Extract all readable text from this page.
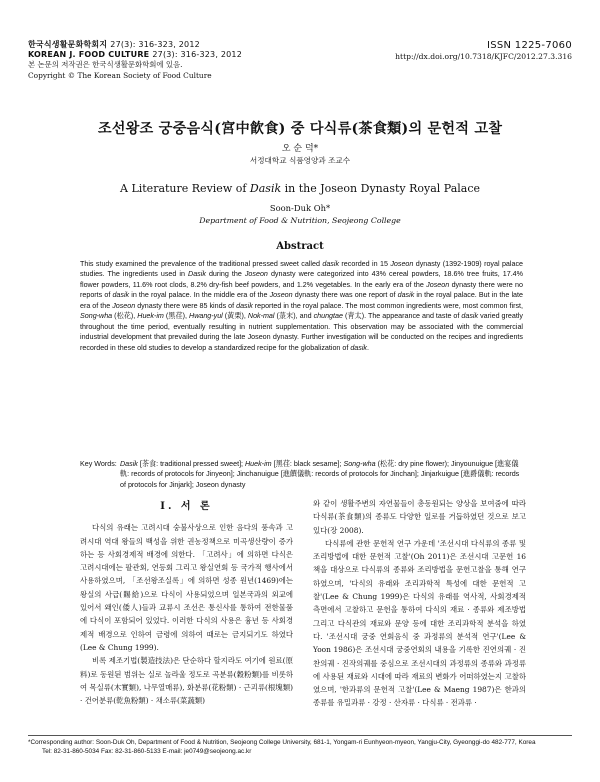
한국식생활문화학회지 27(3): 316-323, 2012
KOREAN J. FOOD CULTURE 27(3): 316-323, 2012
본 논문의 저작권은 한국식생활문화학회에 있음.
Copyright © The Korean Society of Food Culture
ISSN 1225-7060
http://dx.doi.org/10.7318/KJFC/2012.27.3.316
조선왕조 궁중음식(宮中飮食) 중 다식류(茶食類)의 문헌적 고찰
오 순 덕*
서정대학교 식품영양과 조교수
A Literature Review of Dasik in the Joseon Dynasty Royal Palace
Soon-Duk Oh*
Department of Food & Nutrition, Seojeong College
Abstract
This study examined the prevalence of the traditional pressed sweet called dasik recorded in 15 Joseon dynasty (1392-1909) royal palace studies. The ingredients used in Dasik during the Joseon dynasty were categorized into 43% cereal powders, 18.6% tree fruits, 17.4% flower powders, 11.6% root clods, 8.2% dry-fish beef powders, and 1.2% vegetables. In the early era of the Joseon dynasty there were no reports of dasik in the royal palace. In the middle era of the Joseon dynasty there was one report of dasik in the royal palace. But in the late era of the Joseon dynasty there were 85 kinds of dasik reported in the royal palace. The most common ingredients were, most common first, Song-wha (松花), Huek-im (黑荏), Hwang-yul (黃栗), Nok-mal (菉末), and chungtae (靑太). The appearance and taste of dasik varied greatly throughout the time period, eventually resulting in nutrient supplementation. This observation may be associated with the commercial industrial development that prevailed during the late Joseon dynasty. Further investigation will be conducted on the recipes and ingredients recorded in these old studies to develop a standardized recipe for the globalization of dasik.
Key Words: Dasik [茶食: traditional pressed sweet]; Huek-im [黑荏: black sesame]; Song-wha (松花: dry pine flower); Jinyounuigue [進宴儀軌: records of protocols for Jinyeon]; Jinchanuigue [進饌儀軌: records of protocols for Jinchan]; Jinjarkuigue [進爵儀軌: records of protocols for Jinjark]; Joseon dynasty
I. 서 론

다식의 유래는 고려시대 숭불사상으로 인한 음다의 풍속과 고려시대 역대 왕들의 백성을 위한 권농정책으로 미곡생산량이 증가하는 등 사회경제적 배경에 의한다. 「고려사」에 의하면 다식은 고려시대에는 팔관회, 연등회 그리고 왕실연회 등 국가적 행사에서 사용하였으며, 「조선왕조실록」에 의하면 성종 원년(1469)에는 왕실의 사급(賜給)으로 다식이 사용되었으며 일본국과의 외교에 있어서 왜인(倭人)들과 교류시 조선은 통신사를 통하여 전한물품에 다식이 포함되어 있었다. 이러한 다식의 사용은 흉년 등 사회경제적 배경으로 인하여 금령에 의하여 때로는 금지되기도 하였다(Lee & Chung 1999).

비록 제조기법(製造技法)은 단순하다 할지라도 여기에 원료(原料)로 동원된 범위는 실로 놀라울 정도로 곡분류(穀粉類)를 비롯하여 목실류(木實類), 나무열매류), 화분류(花粉類) · 근괴류(根塊類) · 건어분류(乾魚粉類) · 채소류(菜蔬類)

와 같이 생활주변의 자연물들이 총동원되는 양상을 보여줌에 따라 다식류(茶食類)의 종류도 다양한 일로를 거듭하였던 것으로 보고 있다(장 2008).

다식류에 관한 문헌적 연구 가운데 '조선시대 다식류의 종류 및 조리방법에 대한 문헌적 고찰'(Oh 2011)은 조선시대 고문헌 16책을 대상으로 다식류의 종류와 조리방법을 문헌고찰을 통해 연구하였으며, '다식의 유래와 조리과학적 특성에 대한 문헌적 고찰'(Lee & Chung 1999)은 다식의 유래를 역사적, 사회경제적 측면에서 고찰하고 문헌을 통하여 다식의 재료 · 종류와 제조방법 그리고 다식관의 재료와 문양 등에 대한 조리과학적 분석을 하였다. '조선시대 궁중 연회음식 중 과정류의 분석적 연구'(Lee & Yoon 1986)은 조선시대 궁중연회의 내용을 기록한 진연의궤 · 진찬의궤 · 진작의궤를 중심으로 조선시대의 과정류의 종류와 과정류에 사용된 재료와 시대에 따라 재료의 변화가 어떠하였는지 고찰하였으며, '한과류의 문헌적 고찰'(Lee & Maeng 1987)은 한과의 종류를 유밀과류 · 강정 · 산자류 · 다식류 · 전과류 ·

*Corresponding author: Soon-Duk Oh, Department of Food & Nutrition, Seojeong College University, 681-1, Yongam-ri Eunhyeon-myeon, Yangju-City, Gyeonggi-do 482-777, Korea
Tel: 82-31-860-5034 Fax: 82-31-860-5133 E-mail: je0749@seojeong.ac.kr
